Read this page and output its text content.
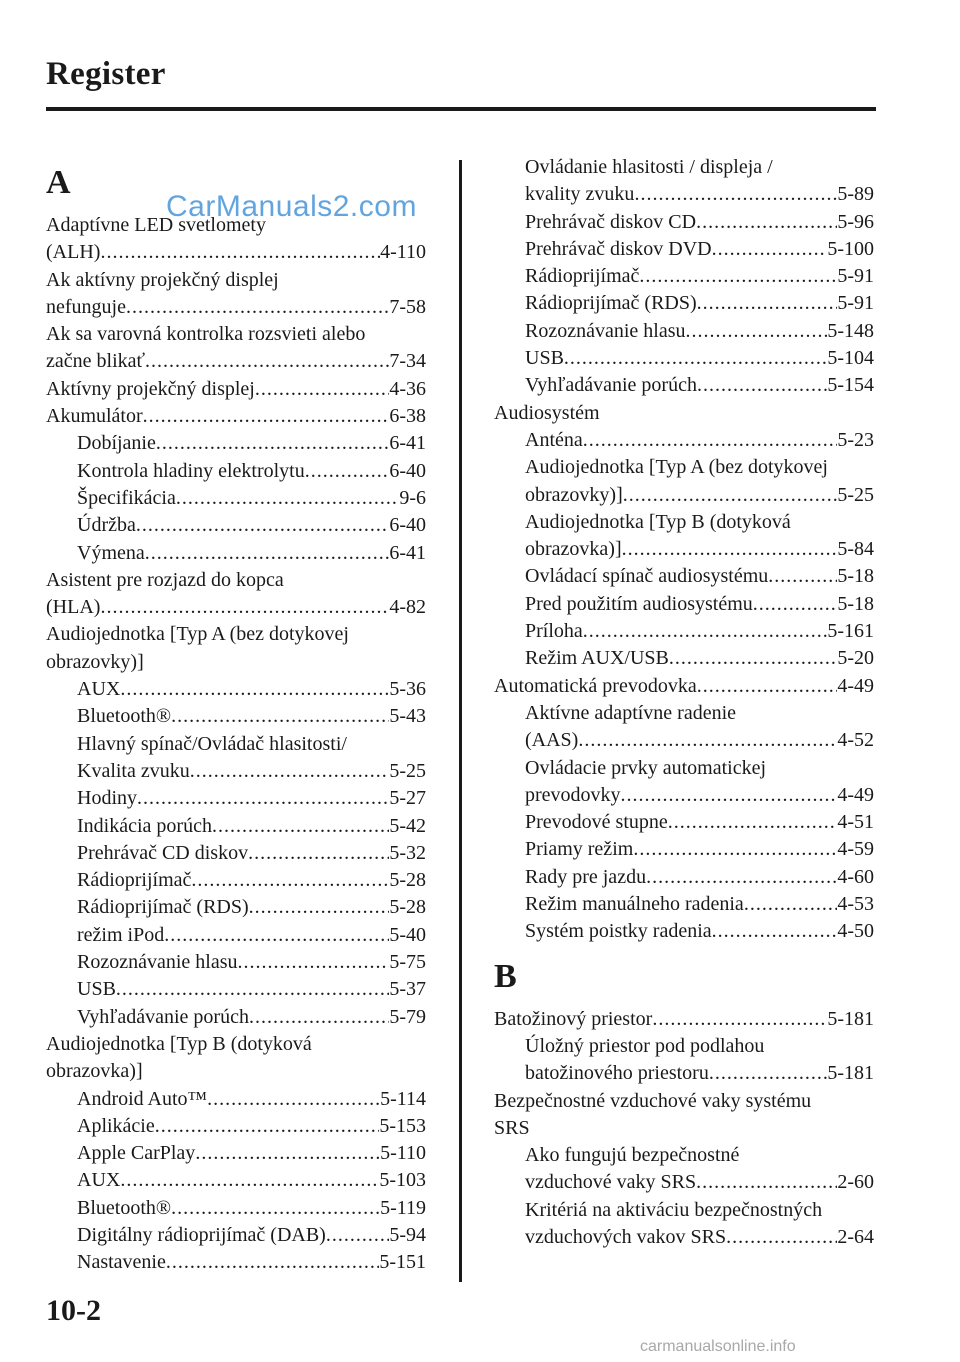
Register
A
Adaptívne LED svetlomety
(ALH) .....	4-110
Ak aktívny projekčný displej
nefunguje .....	7-58
Ak sa varovná kontrolka rozsvieti alebo
začne blikať .....	7-34
Aktívny projekčný displej .....	4-36
Akumulátor .....	6-38
Dobíjanie .....	6-41
Kontrola hladiny elektrolytu .....	6-40
Špecifikácia .....	9-6
Údržba .....	6-40
Výmena .....	6-41
Asistent pre rozjazd do kopca
(HLA) .....	4-82
Audiojednotka [Typ A (bez dotykovej
obrazovky)]
AUX .....	5-36
Bluetooth® .....	5-43
Hlavný spínač/Ovládač hlasitosti/
Kvalita zvuku .....	5-25
Hodiny .....	5-27
Indikácia porúch .....	5-42
Prehrávač CD diskov .....	5-32
Rádioprijímač .....	5-28
Rádioprijímač (RDS) .....	5-28
režim iPod .....	5-40
Rozoznávanie hlasu .....	5-75
USB .....	5-37
Vyhľadávanie porúch .....	5-79
Audiojednotka [Typ B (dotyková
obrazovka)]
Android Auto™ .....	5-114
Aplikácie .....	5-153
Apple CarPlay .....	5-110
AUX .....	5-103
Bluetooth® .....	5-119
Digitálny rádioprijímač (DAB) .....	5-94
Nastavenie .....	5-151
Ovládanie hlasitosti / displeja /
kvality zvuku .....	5-89
Prehrávač diskov CD .....	5-96
Prehrávač diskov DVD .....	5-100
Rádioprijímač .....	5-91
Rádioprijímač (RDS) .....	5-91
Rozoznávanie hlasu .....	5-148
USB .....	5-104
Vyhľadávanie porúch .....	5-154
Audiosystém
Anténa .....	5-23
Audiojednotka [Typ A (bez dotykovej
obrazovky)] .....	5-25
Audiojednotka [Typ B (dotyková
obrazovka)] .....	5-84
Ovládací spínač audiosystému .....	5-18
Pred použitím audiosystému .....	5-18
Príloha .....	5-161
Režim AUX/USB .....	5-20
Automatická prevodovka .....	4-49
Aktívne adaptívne radenie
(AAS) .....	4-52
Ovládacie prvky automatickej
prevodovky .....	4-49
Prevodové stupne .....	4-51
Priamy režim .....	4-59
Rady pre jazdu .....	4-60
Režim manuálneho radenia .....	4-53
Systém poistky radenia .....	4-50
B
Batožinový priestor .....	5-181
Úložný priestor pod podlahou
batožinového priestoru .....	5-181
Bezpečnostné vzduchové vaky systému
SRS
Ako fungujú bezpečnostné
vzduchové vaky SRS .....	2-60
Kritériá na aktiváciu bezpečnostných
vzduchových vakov SRS .....	2-64
CarManuals2.com
10-2
carmanualsonline.info
